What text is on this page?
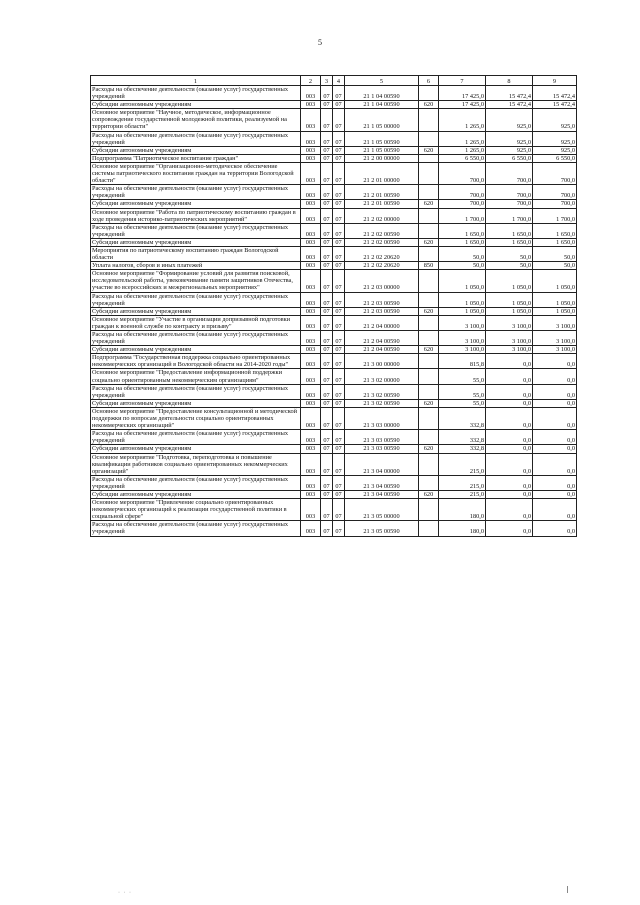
5
1	2	3	4	5	6	7	8	9
Расходы на обеспечение деятельности (оказание услуг) государственных учреждений	003	07	07	21 1 04 00590		17 425,0	15 472,4	15 472,4
Субсидии автономным учреждениям	003	07	07	21 1 04 00590	620	17 425,0	15 472,4	15 472,4
Основное мероприятие "Научное, методическое, информационное сопровождение государственной молодежной политики, реализуемой на территории области"	003	07	07	21 1 05 00000		1 265,0	925,0	925,0
Расходы на обеспечение деятельности (оказание услуг) государственных учреждений	003	07	07	21 1 05 00590		1 265,0	925,0	925,0
Субсидии автономным учреждениям	003	07	07	21 1 05 00590	620	1 265,0	925,0	925,0
Подпрограмма "Патриотическое воспитание граждан"	003	07	07	21 2 00 00000		6 550,0	6 550,0	6 550,0
Основное мероприятие "Организационно-методическое обеспечение системы патриотического воспитания граждан на территории Вологодской области"	003	07	07	21 2 01 00000		700,0	700,0	700,0
Расходы на обеспечение деятельности (оказание услуг) государственных учреждений	003	07	07	21 2 01 00590		700,0	700,0	700,0
Субсидии автономным учреждениям	003	07	07	21 2 01 00590	620	700,0	700,0	700,0
Основное мероприятие "Работа по патриотическому воспитанию граждан в ходе проведения историко-патриотических мероприятий"	003	07	07	21 2 02 00000		1 700,0	1 700,0	1 700,0
Расходы на обеспечение деятельности (оказание услуг) государственных учреждений	003	07	07	21 2 02 00590		1 650,0	1 650,0	1 650,0
Субсидии автономным учреждениям	003	07	07	21 2 02 00590	620	1 650,0	1 650,0	1 650,0
Мероприятия по патриотическому воспитанию граждан Вологодской области	003	07	07	21 2 02 20620		50,0	50,0	50,0
Уплата налогов, сборов и иных платежей	003	07	07	21 2 02 20620	850	50,0	50,0	50,0
Основное мероприятие "Формирование условий для развития поисковой, исследовательской работы, увековечивание памяти защитников Отечества, участие во всероссийских и межрегиональных мероприятиях"	003	07	07	21 2 03 00000		1 050,0	1 050,0	1 050,0
Расходы на обеспечение деятельности (оказание услуг) государственных учреждений	003	07	07	21 2 03 00590		1 050,0	1 050,0	1 050,0
Субсидии автономным учреждениям	003	07	07	21 2 03 00590	620	1 050,0	1 050,0	1 050,0
Основное мероприятие "Участие в организации допризывной подготовки граждан к военной службе по контракту и призыву"	003	07	07	21 2 04 00000		3 100,0	3 100,0	3 100,0
Расходы на обеспечение деятельности (оказание услуг) государственных учреждений	003	07	07	21 2 04 00590		3 100,0	3 100,0	3 100,0
Субсидии автономным учреждениям	003	07	07	21 2 04 00590	620	3 100,0	3 100,0	3 100,0
Подпрограмма "Государственная поддержка социально ориентированных некоммерческих организаций в Вологодской области на 2014-2020 годы"	003	07	07	21 3 00 00000		815,8	0,0	0,0
Основное мероприятие "Предоставление информационной поддержки социально ориентированным некоммерческим организациям"	003	07	07	21 3 02 00000		55,0	0,0	0,0
Расходы на обеспечение деятельности (оказание услуг) государственных учреждений	003	07	07	21 3 02 00590		55,0	0,0	0,0
Субсидии автономным учреждениям	003	07	07	21 3 02 00590	620	55,0	0,0	0,0
Основное мероприятие "Предоставление консультационной и методической поддержки по вопросам деятельности социально ориентированных некоммерческих организаций"	003	07	07	21 3 03 00000		332,8	0,0	0,0
Расходы на обеспечение деятельности (оказание услуг) государственных учреждений	003	07	07	21 3 03 00590		332,8	0,0	0,0
Субсидии автономным учреждениям	003	07	07	21 3 03 00590	620	332,8	0,0	0,0
Основное мероприятие "Подготовка, переподготовка и повышение квалификации работников социально ориентированных некоммерческих организаций"	003	07	07	21 3 04 00000		215,0	0,0	0,0
Расходы на обеспечение деятельности (оказание услуг) государственных учреждений	003	07	07	21 3 04 00590		215,0	0,0	0,0
Субсидии автономным учреждениям	003	07	07	21 3 04 00590	620	215,0	0,0	0,0
Основное мероприятие "Привлечение социально ориентированных некоммерческих организаций к реализации государственной политики в социальной сфере"	003	07	07	21 3 05 00000		180,0	0,0	0,0
Расходы на обеспечение деятельности (оказание услуг) государственных учреждений	003	07	07	21 3 05 00590		180,0	0,0	0,0
· · ·
